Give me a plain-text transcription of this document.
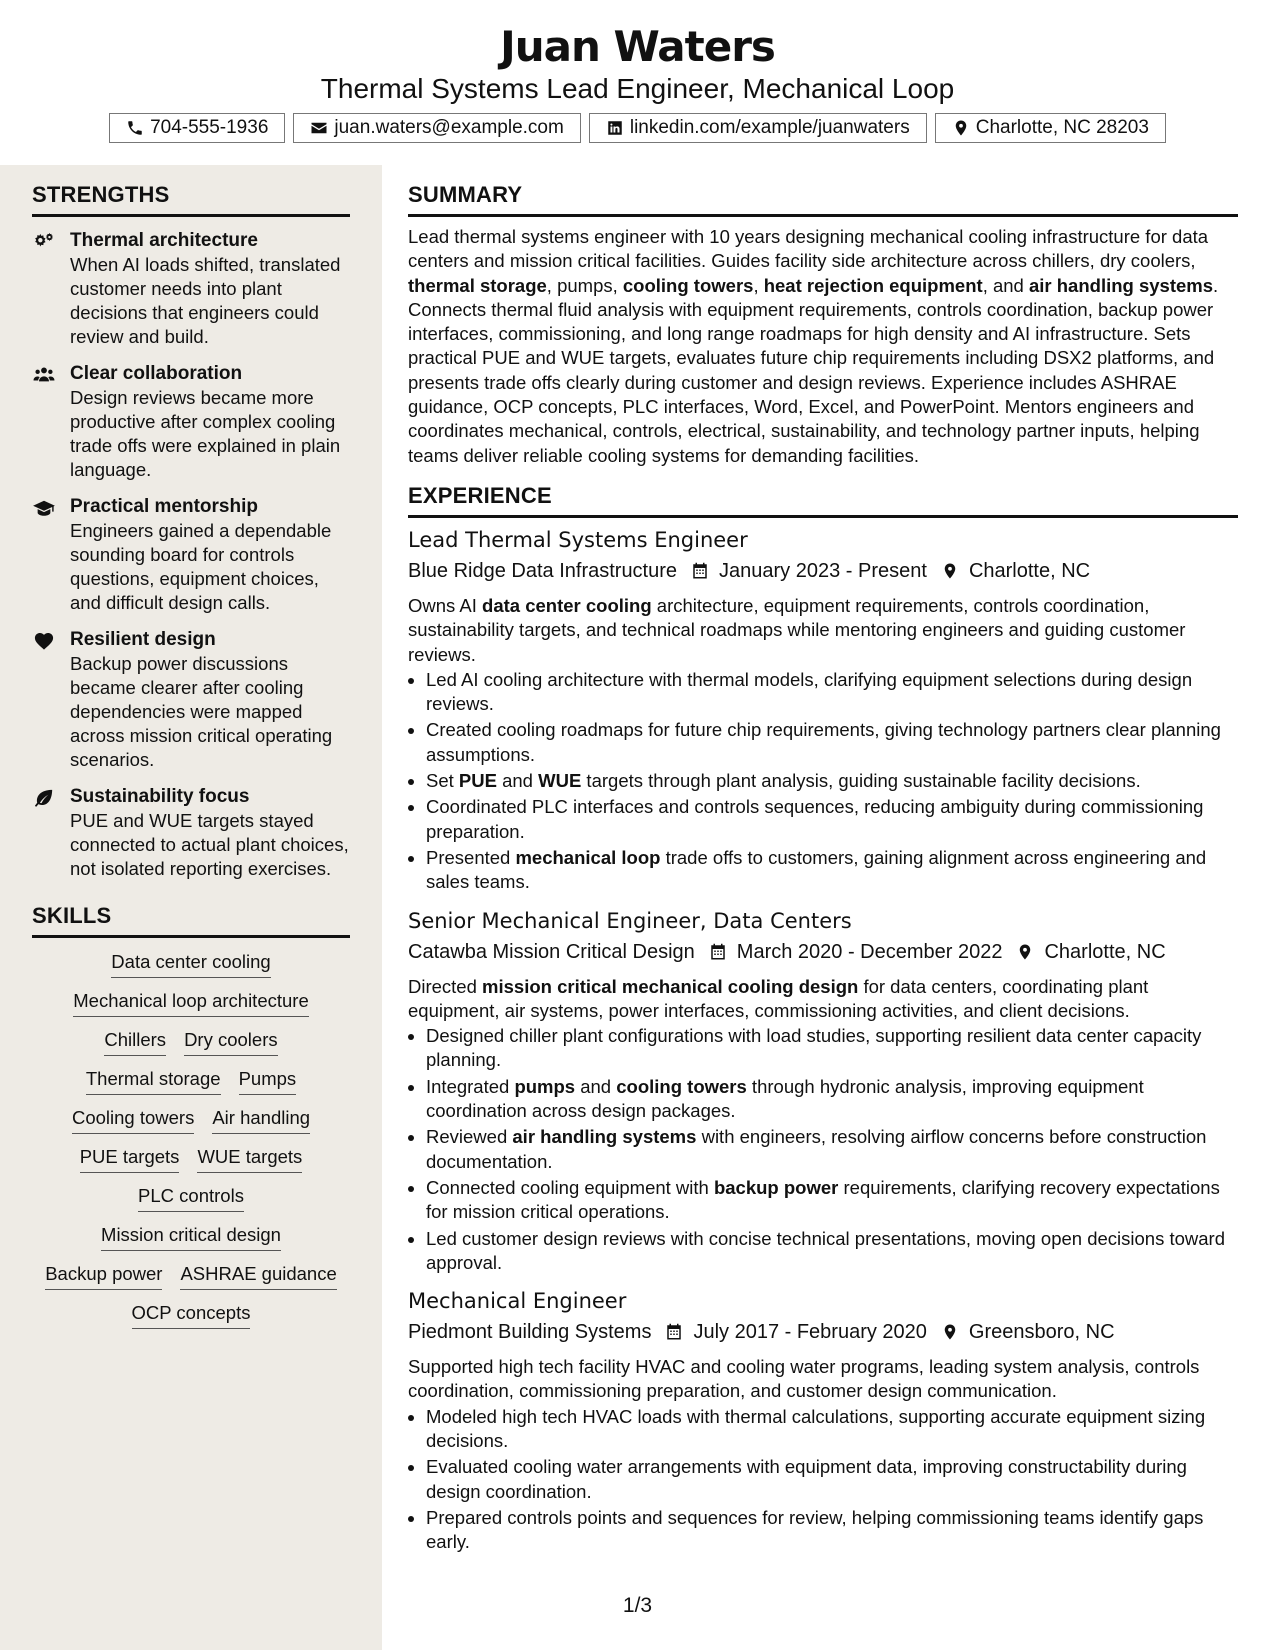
Juan Waters
Thermal Systems Lead Engineer, Mechanical Loop
704-555-1936	juan.waters@example.com	linkedin.com/example/juanwaters	Charlotte, NC 28203
STRENGTHS
Thermal architecture
When AI loads shifted, translated customer needs into plant decisions that engineers could review and build.
Clear collaboration
Design reviews became more productive after complex cooling trade offs were explained in plain language.
Practical mentorship
Engineers gained a dependable sounding board for controls questions, equipment choices, and difficult design calls.
Resilient design
Backup power discussions became clearer after cooling dependencies were mapped across mission critical operating scenarios.
Sustainability focus
PUE and WUE targets stayed connected to actual plant choices, not isolated reporting exercises.
SKILLS
Data center cooling
Mechanical loop architecture
Chillers Dry coolers
Thermal storage Pumps
Cooling towers Air handling
PUE targets WUE targets
PLC controls
Mission critical design
Backup power ASHRAE guidance
OCP concepts
SUMMARY
Lead thermal systems engineer with 10 years designing mechanical cooling infrastructure for data centers and mission critical facilities. Guides facility side architecture across chillers, dry coolers, thermal storage, pumps, cooling towers, heat rejection equipment, and air handling systems. Connects thermal fluid analysis with equipment requirements, controls coordination, backup power interfaces, commissioning, and long range roadmaps for high density and AI infrastructure. Sets practical PUE and WUE targets, evaluates future chip requirements including DSX2 platforms, and presents trade offs clearly during customer and design reviews. Experience includes ASHRAE guidance, OCP concepts, PLC interfaces, Word, Excel, and PowerPoint. Mentors engineers and coordinates mechanical, controls, electrical, sustainability, and technology partner inputs, helping teams deliver reliable cooling systems for demanding facilities.
EXPERIENCE
Lead Thermal Systems Engineer
Blue Ridge Data Infrastructure January 2023 - Present Charlotte, NC
Owns AI data center cooling architecture, equipment requirements, controls coordination, sustainability targets, and technical roadmaps while mentoring engineers and guiding customer reviews.
• Led AI cooling architecture with thermal models, clarifying equipment selections during design reviews.
• Created cooling roadmaps for future chip requirements, giving technology partners clear planning assumptions.
• Set PUE and WUE targets through plant analysis, guiding sustainable facility decisions.
• Coordinated PLC interfaces and controls sequences, reducing ambiguity during commissioning preparation.
• Presented mechanical loop trade offs to customers, gaining alignment across engineering and sales teams.
Senior Mechanical Engineer, Data Centers
Catawba Mission Critical Design March 2020 - December 2022 Charlotte, NC
Directed mission critical mechanical cooling design for data centers, coordinating plant equipment, air systems, power interfaces, commissioning activities, and client decisions.
• Designed chiller plant configurations with load studies, supporting resilient data center capacity planning.
• Integrated pumps and cooling towers through hydronic analysis, improving equipment coordination across design packages.
• Reviewed air handling systems with engineers, resolving airflow concerns before construction documentation.
• Connected cooling equipment with backup power requirements, clarifying recovery expectations for mission critical operations.
• Led customer design reviews with concise technical presentations, moving open decisions toward approval.
Mechanical Engineer
Piedmont Building Systems July 2017 - February 2020 Greensboro, NC
Supported high tech facility HVAC and cooling water programs, leading system analysis, controls coordination, commissioning preparation, and customer design communication.
• Modeled high tech HVAC loads with thermal calculations, supporting accurate equipment sizing decisions.
• Evaluated cooling water arrangements with equipment data, improving constructability during design coordination.
• Prepared controls points and sequences for review, helping commissioning teams identify gaps early.
1/3
